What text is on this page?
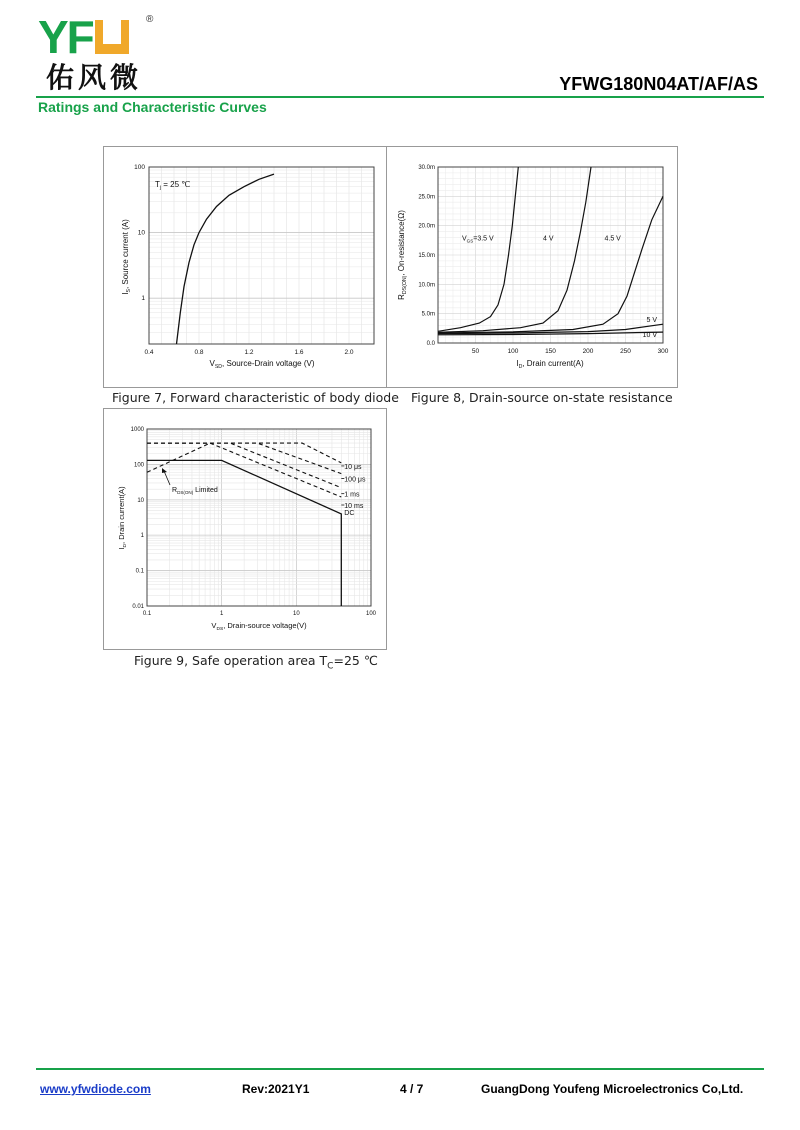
YF	®
佑风微	YFWG180N04AT/AF/AS
Ratings and Characteristic Curves
0.4	0.8	1.2	1.6	2.0
1
10
100
$T_j = 25$ ℃
$V_{SD}$, Source-Drain voltage (V)
$I_S$, Source current (A)
50	100	150	200	250	300
0.0
5.0m
10.0m
15.0m
20.0m
25.0m
30.0m
$V_{GS}=3.5$ V	4 V	4.5 V
5 V
10 V
$I_D$, Drain current(A)
$R_{DS(ON)}$, On-resistance(Ω)
Figure 7, Forward characteristic of body diode Figure 8, Drain-source on-state resistance
0.1	1	10	100
0.01
0.1
1
10
100
1000
10 μs
100 μs
1 ms
10 ms
DC
$R_{DS(ON)}$ Limited
$V_{DS}$, Drain-source voltage(V)
$I_D$, Drain current(A)
Figure 9, Safe operation area $T_C=25$ ℃
www.yfwdiode.com	Rev:2021Y1	4 / 7	GuangDong Youfeng Microelectronics Co,Ltd.
